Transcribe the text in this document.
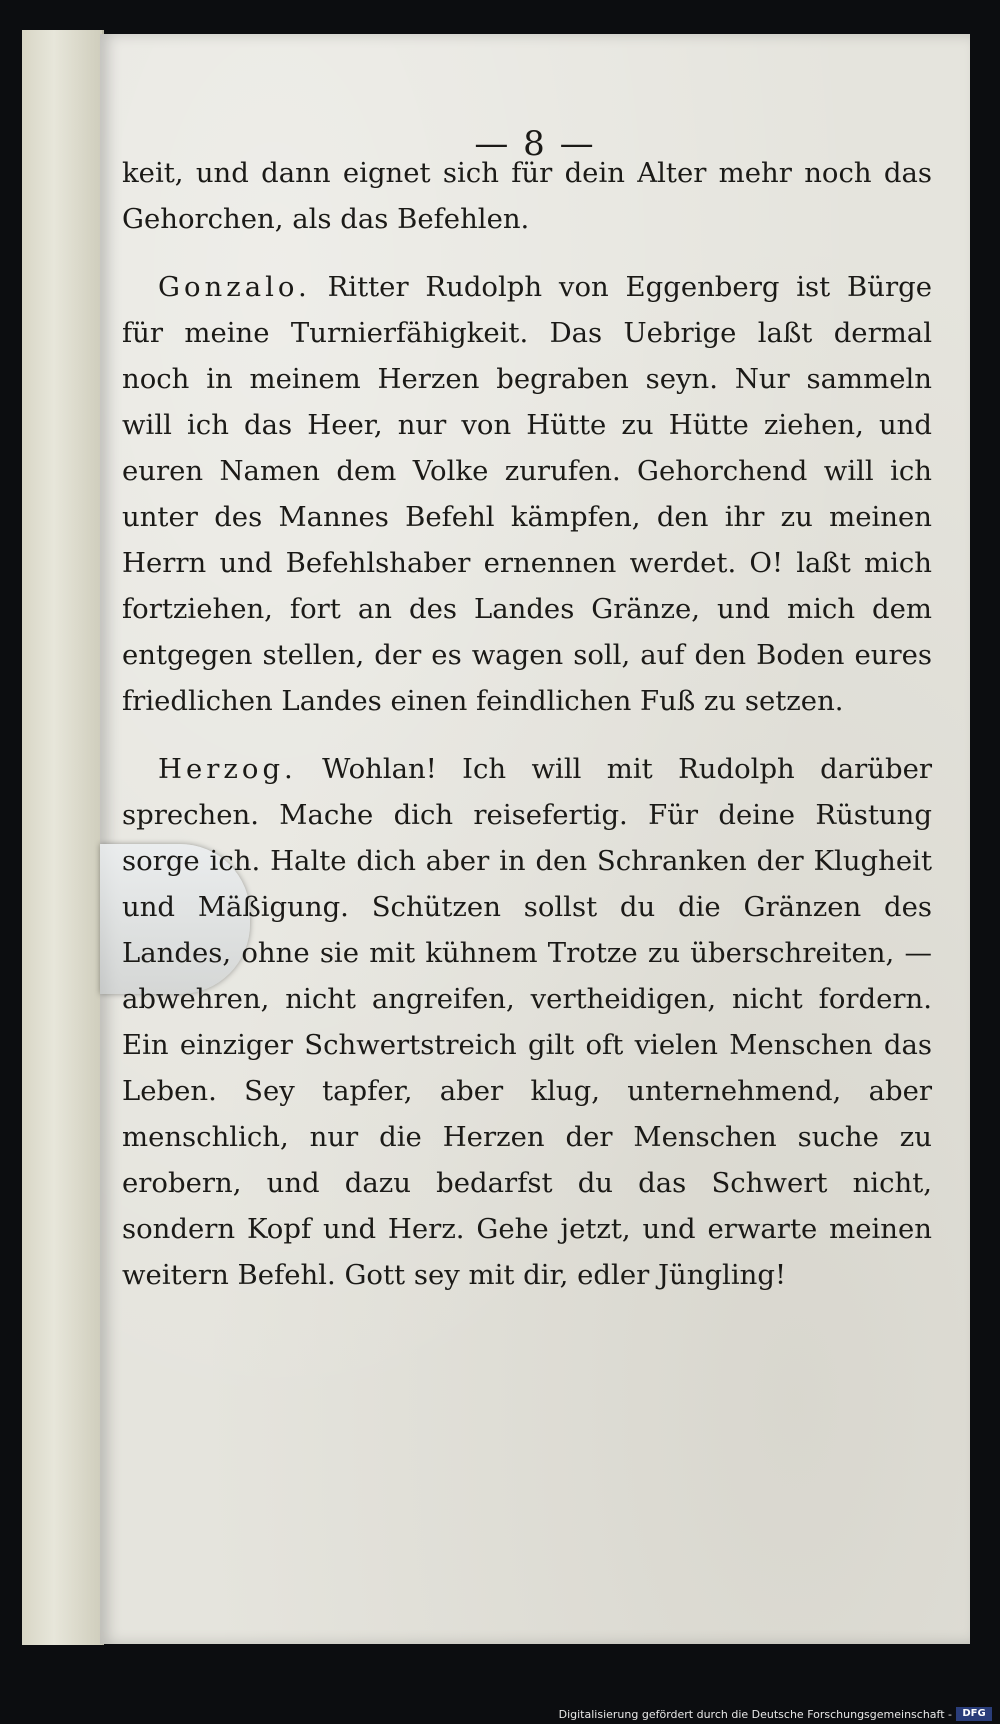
— 8 —

keit, und dann eignet sich für dein Alter mehr noch das Gehorchen, als das Befehlen.

Gonzalo. Ritter Rudolph von Eggenberg ist Bürge für meine Turnierfähigkeit. Das Uebrige laßt dermal noch in meinem Herzen begraben seyn. Nur sammeln will ich das Heer, nur von Hütte zu Hütte ziehen, und euren Namen dem Volke zurufen. Gehorchend will ich unter des Mannes Befehl kämpfen, den ihr zu meinen Herrn und Befehlshaber ernennen werdet. O! laßt mich fortziehen, fort an des Landes Gränze, und mich dem entgegen stellen, der es wagen soll, auf den Boden eures friedlichen Landes einen feindlichen Fuß zu setzen.

Herzog. Wohlan! Ich will mit Rudolph darüber sprechen. Mache dich reisefertig. Für deine Rüstung sorge ich. Halte dich aber in den Schranken der Klugheit und Mäßigung. Schützen sollst du die Gränzen des Landes, ohne sie mit kühnem Trotze zu überschreiten, — abwehren, nicht angreifen, vertheidigen, nicht fordern. Ein einziger Schwertstreich gilt oft vielen Menschen das Leben. Sey tapfer, aber klug, unternehmend, aber menschlich, nur die Herzen der Menschen suche zu erobern, und dazu bedarfst du das Schwert nicht, sondern Kopf und Herz. Gehe jetzt, und erwarte meinen weitern Befehl. Gott sey mit dir, edler Jüngling!

Digitalisierung gefördert durch die Deutsche Forschungsgemeinschaft -	DFG
